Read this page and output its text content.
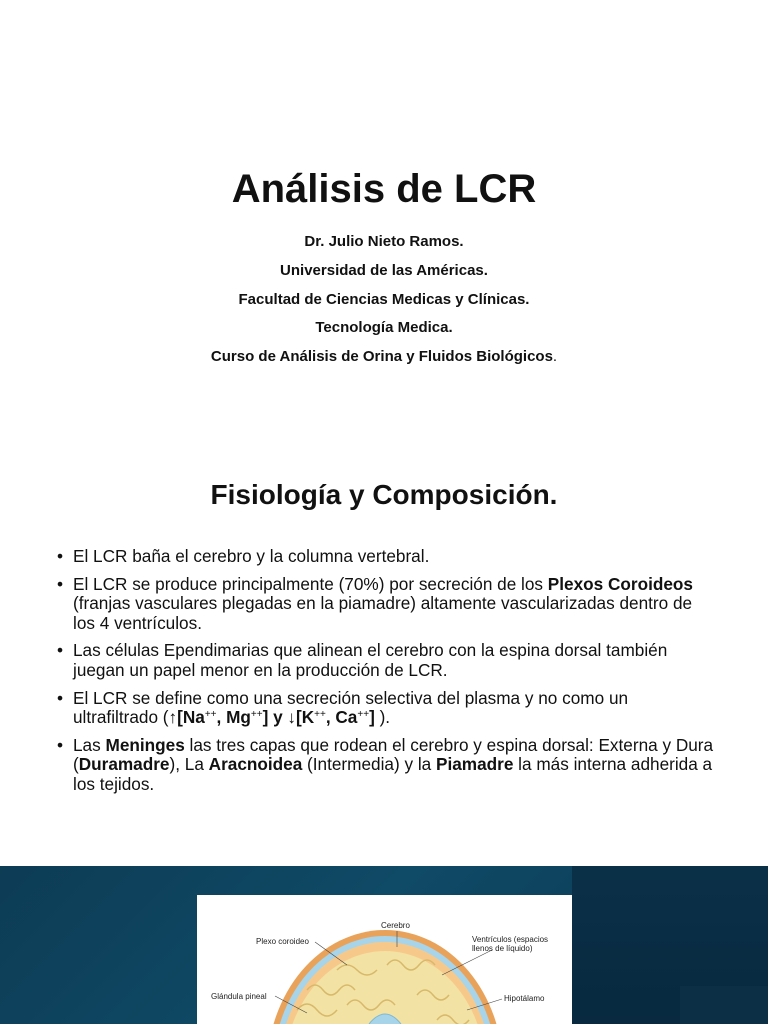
Análisis de LCR
Dr. Julio Nieto Ramos.
Universidad de las Américas.
Facultad de Ciencias Medicas y Clínicas.
Tecnología Medica.
Curso de Análisis de Orina y Fluidos Biológicos.
Fisiología y Composición.
• El LCR baña el cerebro y la columna vertebral.
• El LCR se produce principalmente (70%) por secreción de los Plexos Coroideos (franjas vasculares plegadas en la piamadre) altamente vascularizadas dentro de los 4 ventrículos.
• Las células Ependimarias que alinean el cerebro con la espina dorsal también juegan un papel menor en la producción de LCR.
• El LCR se define como una secreción selectiva del plasma y no como un ultrafiltrado (↑[Na++, Mg++] y ↓[K++, Ca++] ).
• Las Meninges las tres capas que rodean el cerebro y espina dorsal: Externa y Dura (Duramadre), La Aracnoidea (Intermedia) y la Piamadre la más interna adherida a los tejidos.
Cerebro
Plexo coroideo	Ventrículos (espacios
llenos de líquido)
Glándula pineal	Hipotálamo
